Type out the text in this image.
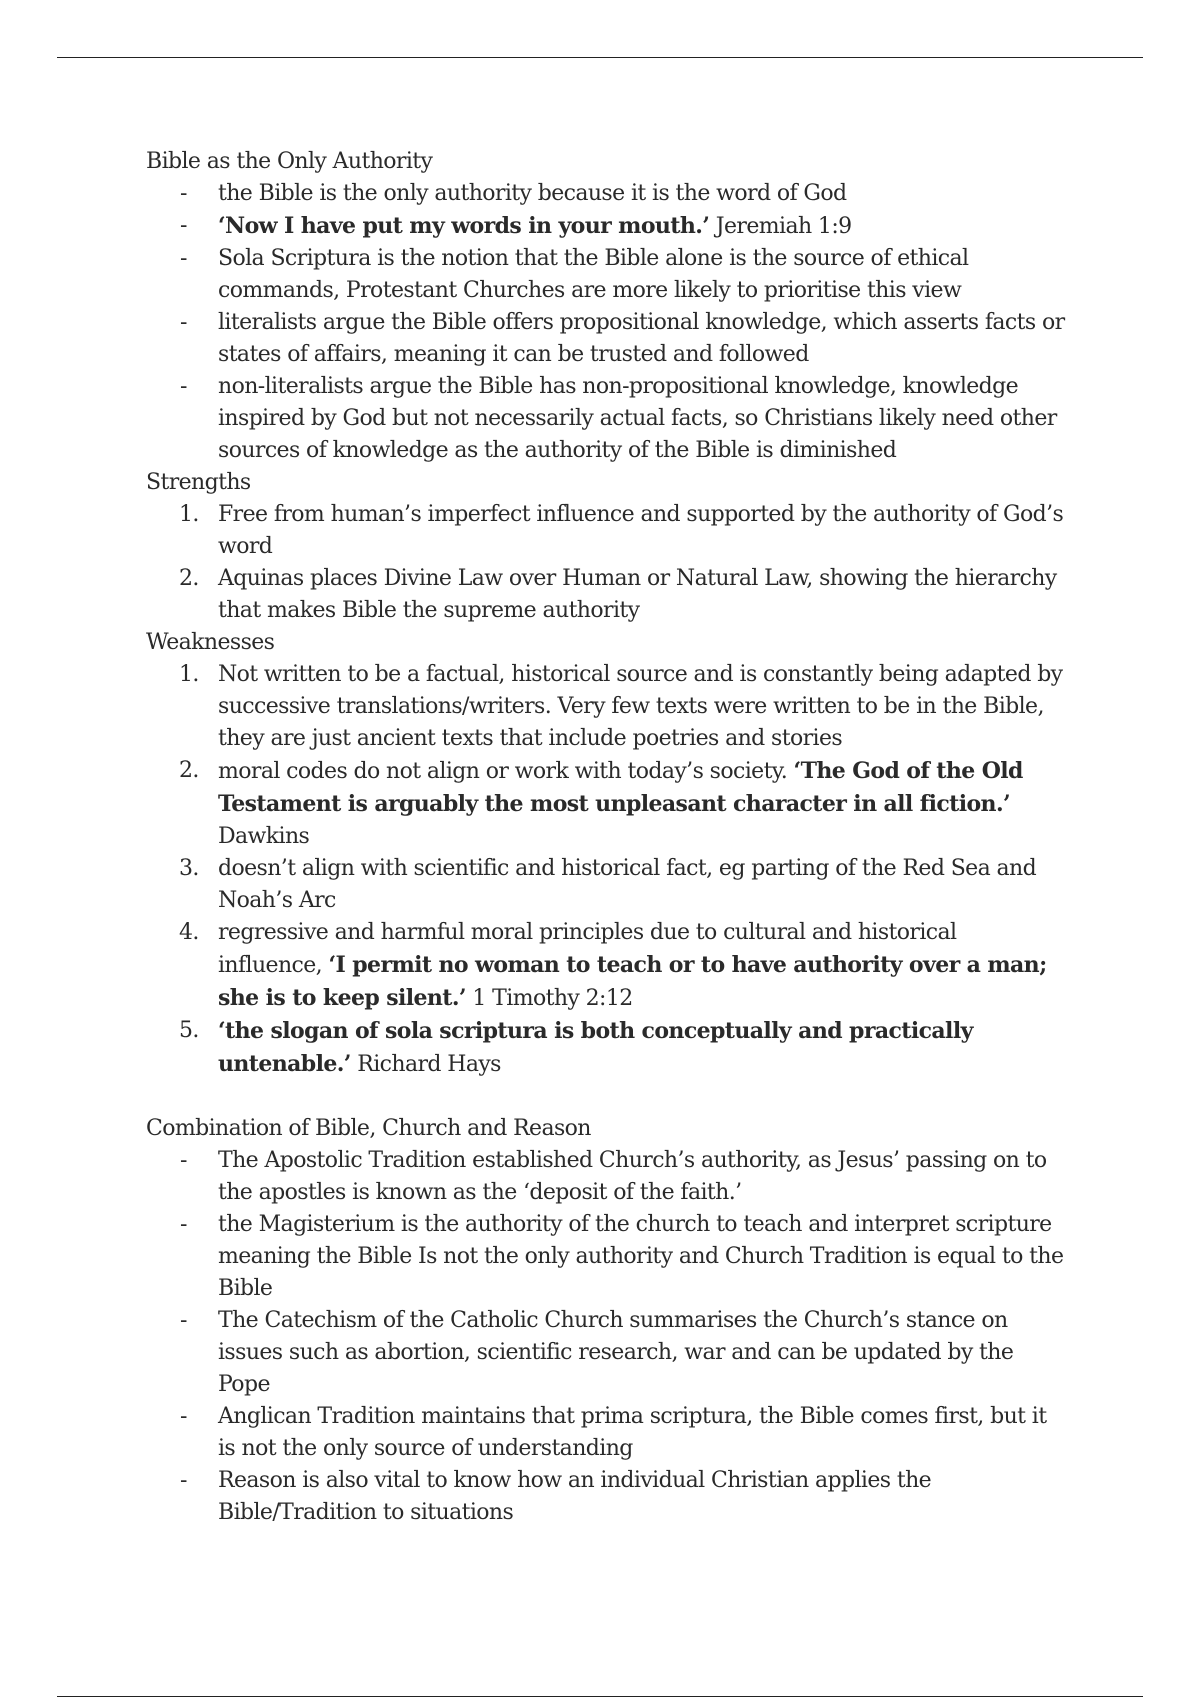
Bible as the Only Authority
- the Bible is the only authority because it is the word of God
- ‘Now I have put my words in your mouth.’ Jeremiah 1:9
- Sola Scriptura is the notion that the Bible alone is the source of ethical commands, Protestant Churches are more likely to prioritise this view
- literalists argue the Bible offers propositional knowledge, which asserts facts or states of affairs, meaning it can be trusted and followed
- non-literalists argue the Bible has non-propositional knowledge, knowledge inspired by God but not necessarily actual facts, so Christians likely need other sources of knowledge as the authority of the Bible is diminished
Strengths
1. Free from human’s imperfect influence and supported by the authority of God’s word
2. Aquinas places Divine Law over Human or Natural Law, showing the hierarchy that makes Bible the supreme authority
Weaknesses
1. Not written to be a factual, historical source and is constantly being adapted by successive translations/writers. Very few texts were written to be in the Bible, they are just ancient texts that include poetries and stories
2. moral codes do not align or work with today’s society. ‘The God of the Old Testament is arguably the most unpleasant character in all fiction.’ Dawkins
3. doesn’t align with scientific and historical fact, eg parting of the Red Sea and Noah’s Arc
4. regressive and harmful moral principles due to cultural and historical influence, ‘I permit no woman to teach or to have authority over a man; she is to keep silent.’ 1 Timothy 2:12
5. ‘the slogan of sola scriptura is both conceptually and practically untenable.’ Richard Hays
Combination of Bible, Church and Reason
- The Apostolic Tradition established Church’s authority, as Jesus’ passing on to the apostles is known as the ‘deposit of the faith.’
- the Magisterium is the authority of the church to teach and interpret scripture meaning the Bible Is not the only authority and Church Tradition is equal to the Bible
- The Catechism of the Catholic Church summarises the Church’s stance on issues such as abortion, scientific research, war and can be updated by the Pope
- Anglican Tradition maintains that prima scriptura, the Bible comes first, but it is not the only source of understanding
- Reason is also vital to know how an individual Christian applies the Bible/Tradition to situations
